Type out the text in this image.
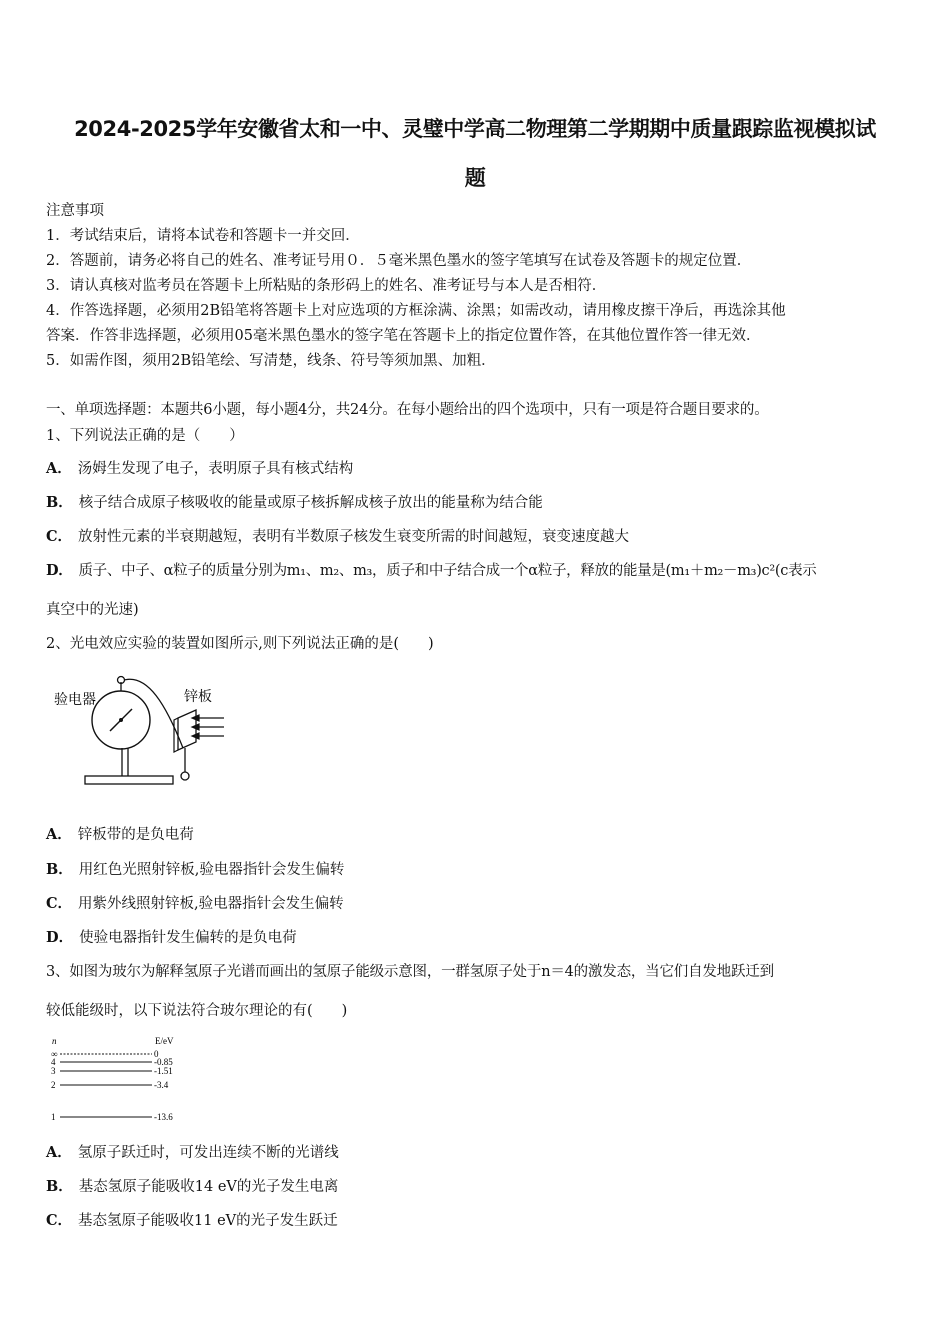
2024-2025学年安徽省太和一中、灵璧中学高二物理第二学期期中质量跟踪监视模拟试
题
注意事项
1．考试结束后，请将本试卷和答题卡一并交回．
2．答题前，请务必将自己的姓名、准考证号用０．５毫米黑色墨水的签字笔填写在试卷及答题卡的规定位置．
3．请认真核对监考员在答题卡上所粘贴的条形码上的姓名、准考证号与本人是否相符．
4．作答选择题，必须用2B铅笔将答题卡上对应选项的方框涂满、涂黑；如需改动，请用橡皮擦干净后，再选涂其他
答案．作答非选择题，必须用05毫米黑色墨水的签字笔在答题卡上的指定位置作答，在其他位置作答一律无效．
5．如需作图，须用2B铅笔绘、写清楚，线条、符号等须加黑、加粗．
一、单项选择题：本题共6小题，每小题4分，共24分。在每小题给出的四个选项中，只有一项是符合题目要求的。
1、下列说法正确的是（　　）
A． 汤姆生发现了电子，表明原子具有核式结构
B． 核子结合成原子核吸收的能量或原子核拆解成核子放出的能量称为结合能
C． 放射性元素的半衰期越短，表明有半数原子核发生衰变所需的时间越短，衰变速度越大
D． 质子、中子、α粒子的质量分别为m₁、m₂、m₃，质子和中子结合成一个α粒子，释放的能量是(m₁＋m₂－m₃)c²(c表示
真空中的光速)
2、光电效应实验的装置如图所示,则下列说法正确的是(　　)
验电器	锌板
A． 锌板带的是负电荷
B． 用红色光照射锌板,验电器指针会发生偏转
C． 用紫外线照射锌板,验电器指针会发生偏转
D． 使验电器指针发生偏转的是负电荷
3、如图为玻尔为解释氢原子光谱而画出的氢原子能级示意图，一群氢原子处于n＝4的激发态，当它们自发地跃迁到
较低能级时，以下说法符合玻尔理论的有(　　)
n	E/eV
∞	0
4	-0.85
3	-1.51
2	-3.4
1	-13.6
A． 氢原子跃迁时，可发出连续不断的光谱线
B． 基态氢原子能吸收14 eV的光子发生电离
C． 基态氢原子能吸收11 eV的光子发生跃迁
